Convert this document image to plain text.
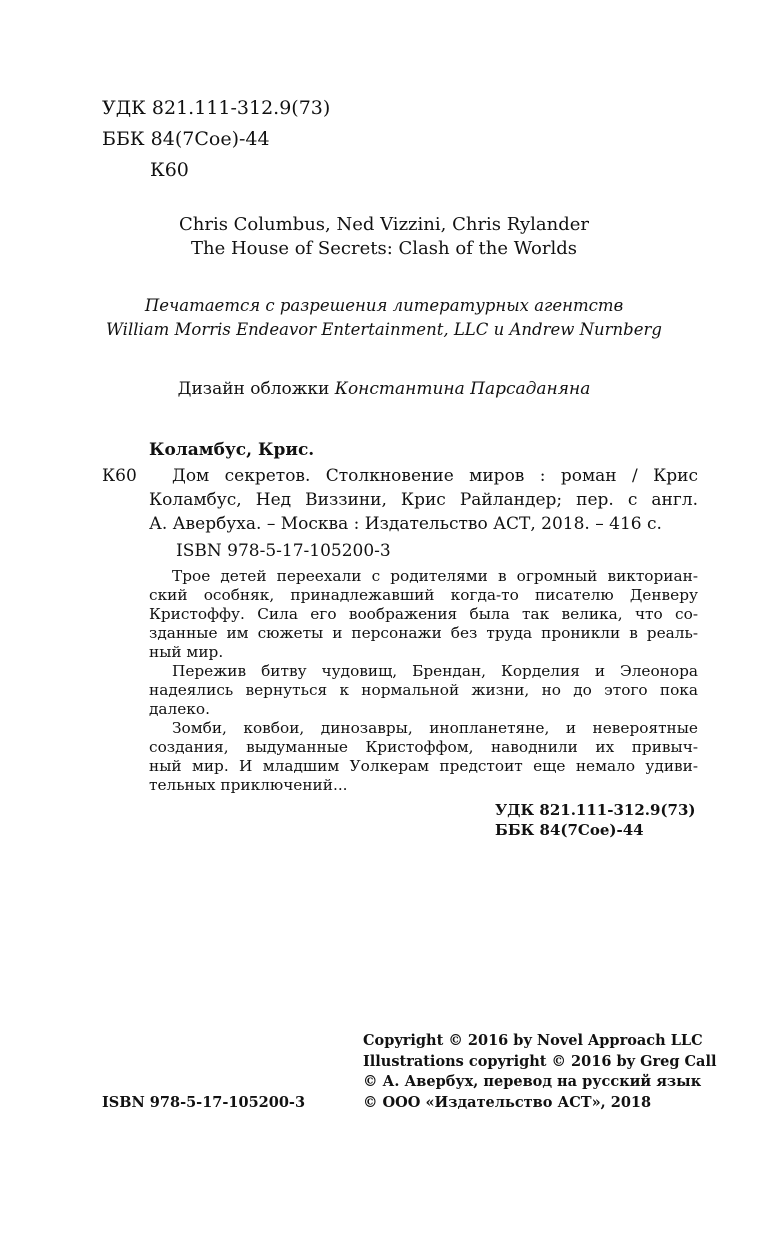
УДК 821.111-312.9(73)
ББК 84(7Сое)-44
К60
Chris Columbus, Ned Vizzini, Chris Rylander
The House of Secrets: Clash of the Worlds
Печатается с разрешения литературных агентств
William Morris Endeavor Entertainment, LLC и Andrew Nurnberg
Дизайн обложки Константина Парсаданяна
Коламбус, Крис.
К60 Дом секретов. Столкновение миров : роман / Крис
Коламбус, Нед Виззини, Крис Райландер; пер. с англ.
А. Авербуха. – Москва : Издательство АСТ, 2018. – 416 с.
ISBN 978-5-17-105200-3
Трое детей переехали с родителями в огромный викториан-
ский особняк, принадлежавший когда-то писателю Денверу
Кристоффу. Сила его воображения была так велика, что со-
зданные им сюжеты и персонажи без труда проникли в реаль-
ный мир.
Пережив битву чудовищ, Брендан, Корделия и Элеонора
надеялись вернуться к нормальной жизни, но до этого пока
далеко.
Зомби, ковбои, динозавры, инопланетяне, и невероятные
создания, выдуманные Кристоффом, наводнили их привыч-
ный мир. И младшим Уолкерам предстоит еще немало удиви-
тельных приключений...
УДК 821.111-312.9(73)
ББК 84(7Сое)-44
ISBN 978-5-17-105200-3
Copyright © 2016 by Novel Approach LLC
Illustrations copyright © 2016 by Greg Call
© А. Авербух, перевод на русский язык
© ООО «Издательство АСТ», 2018
